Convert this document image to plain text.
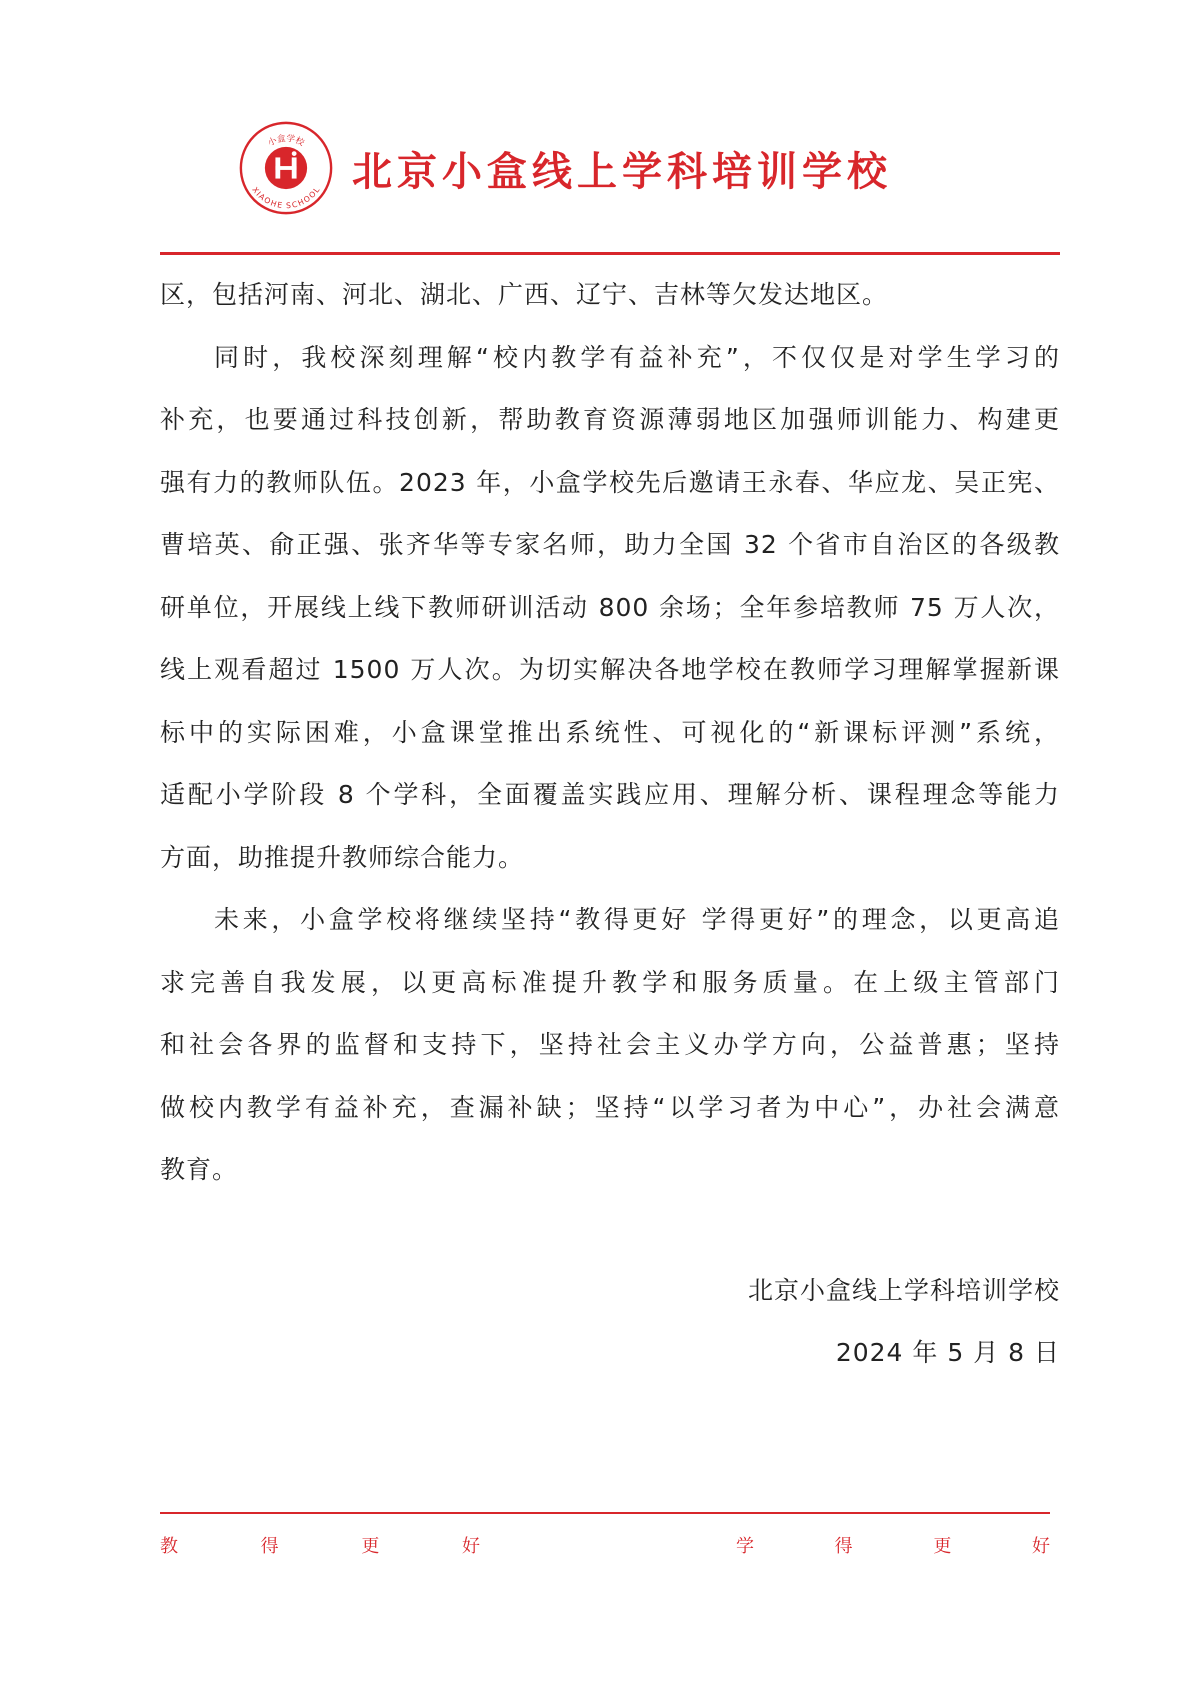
小盒学校
XIAOHE SCHOOL 北京小盒线上学科培训学校
区，包括河南、河北、湖北、广西、辽宁、吉林等欠发达地区。
同时，我校深刻理解“校内教学有益补充”，不仅仅是对学生学习的
补充，也要通过科技创新，帮助教育资源薄弱地区加强师训能力、构建更
强有力的教师队伍。2023 年，小盒学校先后邀请王永春、华应龙、吴正宪、
曹培英、俞正强、张齐华等专家名师，助力全国 32 个省市自治区的各级教
研单位，开展线上线下教师研训活动 800 余场；全年参培教师 75 万人次，
线上观看超过 1500 万人次。为切实解决各地学校在教师学习理解掌握新课
标中的实际困难，小盒课堂推出系统性、可视化的“新课标评测”系统，
适配小学阶段 8 个学科，全面覆盖实践应用、理解分析、课程理念等能力
方面，助推提升教师综合能力。
未来，小盒学校将继续坚持“教得更好 学得更好”的理念，以更高追
求完善自我发展，以更高标准提升教学和服务质量。在上级主管部门
和社会各界的监督和支持下，坚持社会主义办学方向，公益普惠；坚持
做校内教学有益补充，查漏补缺；坚持“以学习者为中心”，办社会满意
教育。
北京小盒线上学科培训学校
2024 年 5 月 8 日
教	得	更	好	学	得	更	好
